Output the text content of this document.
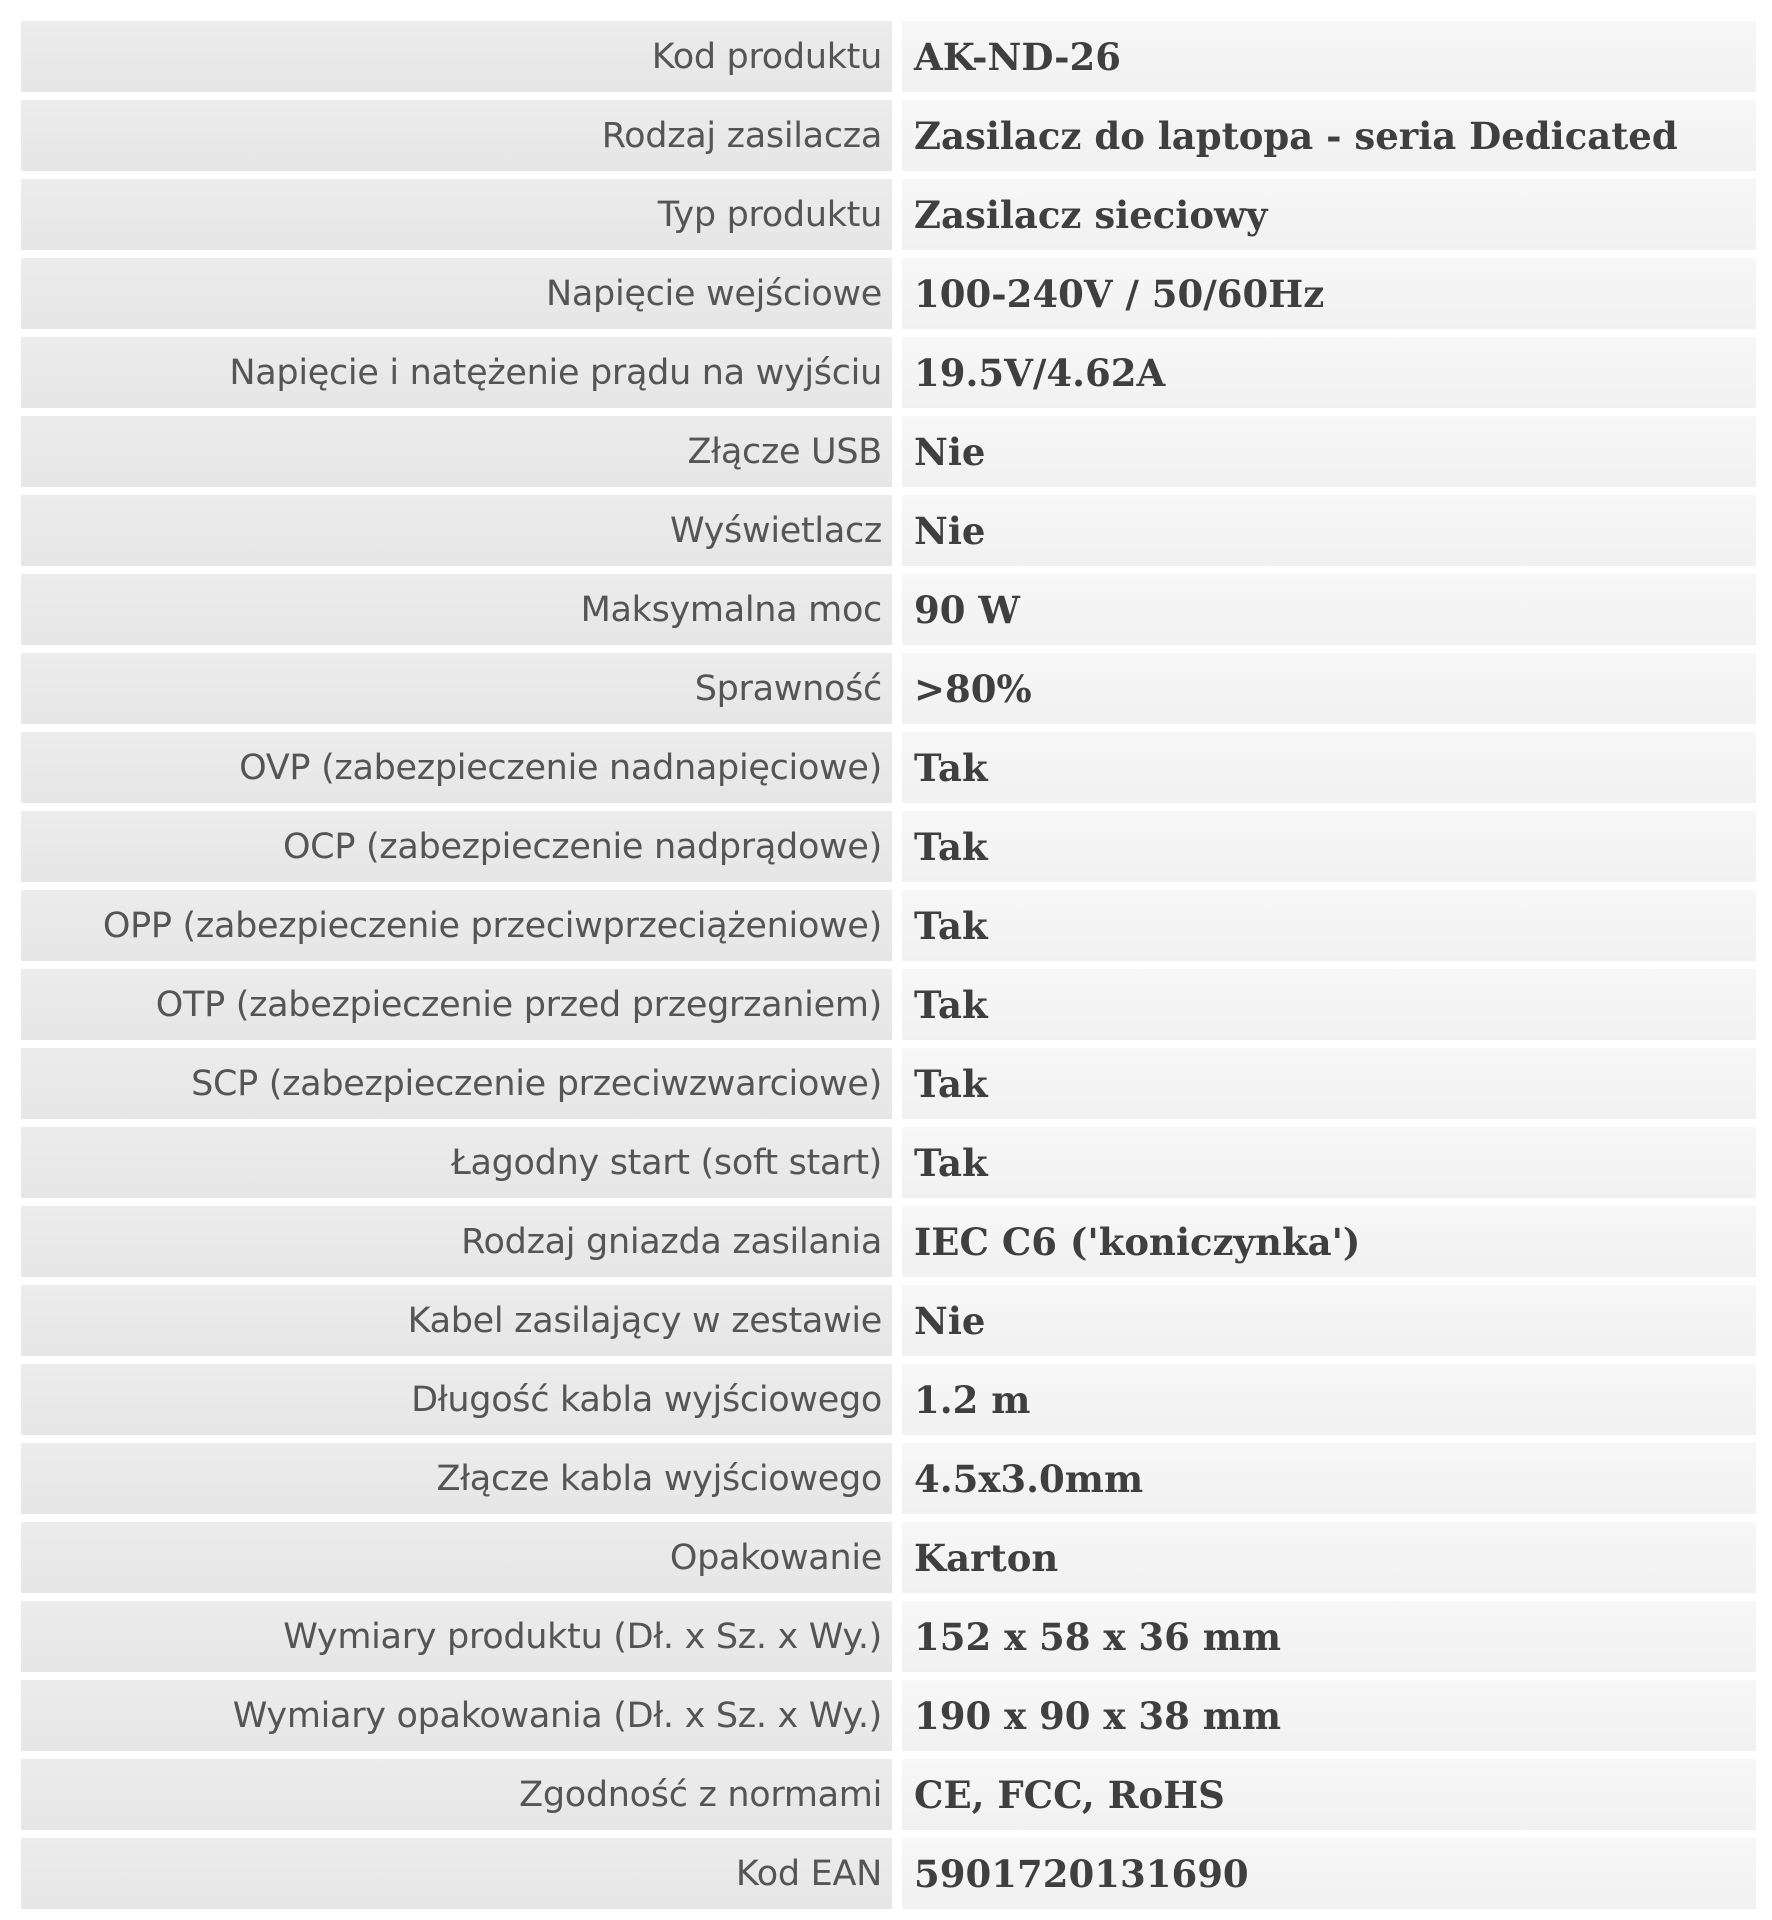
Kod produktu		AK-ND-26
Rodzaj zasilacza		Zasilacz do laptopa - seria Dedicated
Typ produktu		Zasilacz sieciowy
Napięcie wejściowe		100-240V / 50/60Hz
Napięcie i natężenie prądu na wyjściu		19.5V/4.62A
Złącze USB		Nie
Wyświetlacz		Nie
Maksymalna moc		90 W
Sprawność		>80%
OVP (zabezpieczenie nadnapięciowe)		Tak
OCP (zabezpieczenie nadprądowe)		Tak
OPP (zabezpieczenie przeciwprzeciążeniowe)		Tak
OTP (zabezpieczenie przed przegrzaniem)		Tak
SCP (zabezpieczenie przeciwzwarciowe)		Tak
Łagodny start (soft start)		Tak
Rodzaj gniazda zasilania		IEC C6 ('koniczynka')
Kabel zasilający w zestawie		Nie
Długość kabla wyjściowego		1.2 m
Złącze kabla wyjściowego		4.5x3.0mm
Opakowanie		Karton
Wymiary produktu (Dł. x Sz. x Wy.)		152 x 58 x 36 mm
Wymiary opakowania (Dł. x Sz. x Wy.)		190 x 90 x 38 mm
Zgodność z normami		CE, FCC, RoHS
Kod EAN		5901720131690
